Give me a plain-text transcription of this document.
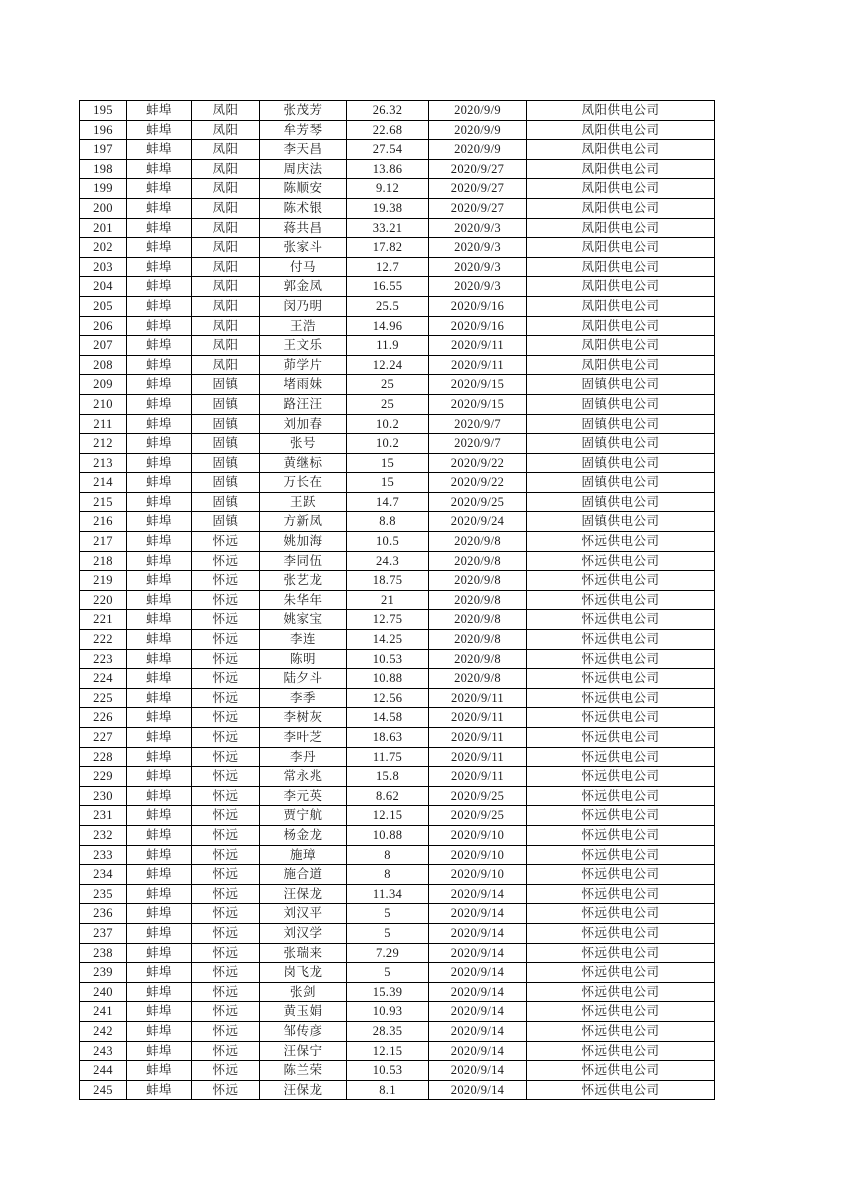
195	蚌埠	凤阳	张茂芳	26.32	2020/9/9	凤阳供电公司
196	蚌埠	凤阳	牟芳琴	22.68	2020/9/9	凤阳供电公司
197	蚌埠	凤阳	李天昌	27.54	2020/9/9	凤阳供电公司
198	蚌埠	凤阳	周庆法	13.86	2020/9/27	凤阳供电公司
199	蚌埠	凤阳	陈顺安	9.12	2020/9/27	凤阳供电公司
200	蚌埠	凤阳	陈术银	19.38	2020/9/27	凤阳供电公司
201	蚌埠	凤阳	蒋共昌	33.21	2020/9/3	凤阳供电公司
202	蚌埠	凤阳	张家斗	17.82	2020/9/3	凤阳供电公司
203	蚌埠	凤阳	付马	12.7	2020/9/3	凤阳供电公司
204	蚌埠	凤阳	郭金凤	16.55	2020/9/3	凤阳供电公司
205	蚌埠	凤阳	闵乃明	25.5	2020/9/16	凤阳供电公司
206	蚌埠	凤阳	王浩	14.96	2020/9/16	凤阳供电公司
207	蚌埠	凤阳	王文乐	11.9	2020/9/11	凤阳供电公司
208	蚌埠	凤阳	茆学片	12.24	2020/9/11	凤阳供电公司
209	蚌埠	固镇	堵雨妹	25	2020/9/15	固镇供电公司
210	蚌埠	固镇	路汪汪	25	2020/9/15	固镇供电公司
211	蚌埠	固镇	刘加春	10.2	2020/9/7	固镇供电公司
212	蚌埠	固镇	张号	10.2	2020/9/7	固镇供电公司
213	蚌埠	固镇	黄继标	15	2020/9/22	固镇供电公司
214	蚌埠	固镇	万长在	15	2020/9/22	固镇供电公司
215	蚌埠	固镇	王跃	14.7	2020/9/25	固镇供电公司
216	蚌埠	固镇	方新凤	8.8	2020/9/24	固镇供电公司
217	蚌埠	怀远	姚加海	10.5	2020/9/8	怀远供电公司
218	蚌埠	怀远	李同伍	24.3	2020/9/8	怀远供电公司
219	蚌埠	怀远	张艺龙	18.75	2020/9/8	怀远供电公司
220	蚌埠	怀远	朱华年	21	2020/9/8	怀远供电公司
221	蚌埠	怀远	姚家宝	12.75	2020/9/8	怀远供电公司
222	蚌埠	怀远	李连	14.25	2020/9/8	怀远供电公司
223	蚌埠	怀远	陈明	10.53	2020/9/8	怀远供电公司
224	蚌埠	怀远	陆夕斗	10.88	2020/9/8	怀远供电公司
225	蚌埠	怀远	李季	12.56	2020/9/11	怀远供电公司
226	蚌埠	怀远	李树灰	14.58	2020/9/11	怀远供电公司
227	蚌埠	怀远	李叶芝	18.63	2020/9/11	怀远供电公司
228	蚌埠	怀远	李丹	11.75	2020/9/11	怀远供电公司
229	蚌埠	怀远	常永兆	15.8	2020/9/11	怀远供电公司
230	蚌埠	怀远	李元英	8.62	2020/9/25	怀远供电公司
231	蚌埠	怀远	贾宁航	12.15	2020/9/25	怀远供电公司
232	蚌埠	怀远	杨金龙	10.88	2020/9/10	怀远供电公司
233	蚌埠	怀远	施璋	8	2020/9/10	怀远供电公司
234	蚌埠	怀远	施合道	8	2020/9/10	怀远供电公司
235	蚌埠	怀远	汪保龙	11.34	2020/9/14	怀远供电公司
236	蚌埠	怀远	刘汉平	5	2020/9/14	怀远供电公司
237	蚌埠	怀远	刘汉学	5	2020/9/14	怀远供电公司
238	蚌埠	怀远	张瑞来	7.29	2020/9/14	怀远供电公司
239	蚌埠	怀远	岗飞龙	5	2020/9/14	怀远供电公司
240	蚌埠	怀远	张剑	15.39	2020/9/14	怀远供电公司
241	蚌埠	怀远	黄玉娟	10.93	2020/9/14	怀远供电公司
242	蚌埠	怀远	邹传彦	28.35	2020/9/14	怀远供电公司
243	蚌埠	怀远	汪保宁	12.15	2020/9/14	怀远供电公司
244	蚌埠	怀远	陈兰荣	10.53	2020/9/14	怀远供电公司
245	蚌埠	怀远	汪保龙	8.1	2020/9/14	怀远供电公司
